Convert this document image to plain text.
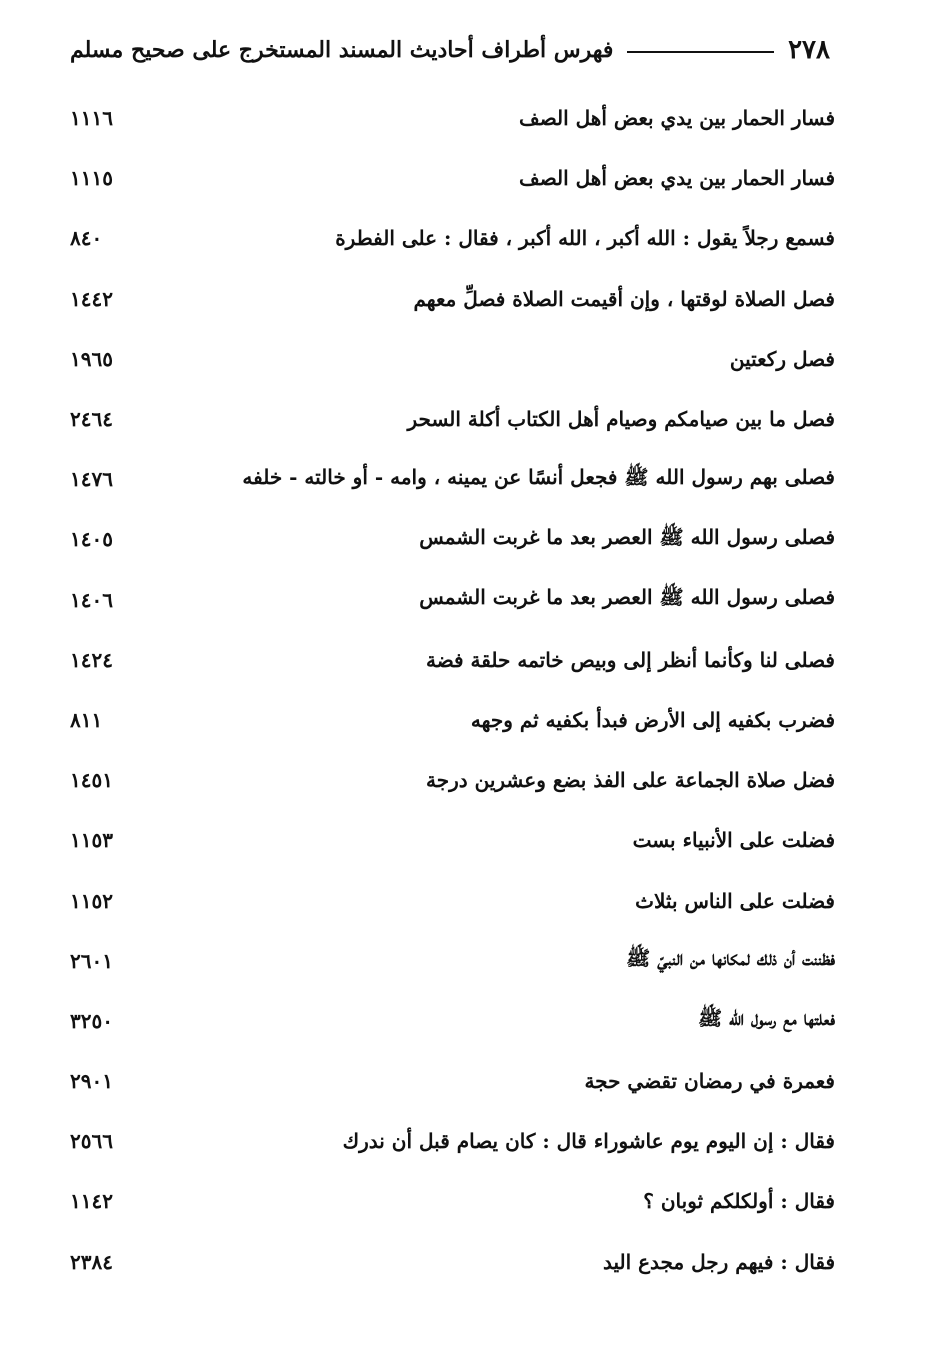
٢٧٨
فهرس أطراف أحاديث المسند المستخرج على صحيح مسلم
فسار الحمار بين يدي بعض أهل الصف
١١١٦
فسار الحمار بين يدي بعض أهل الصف
١١١٥
فسمع رجلاً يقول : الله أكبر ، الله أكبر ، فقال : على الفطرة
٨٤٠
فصل الصلاة لوقتها ، وإن أقيمت الصلاة فصلِّ معهم
١٤٤٢
فصل ركعتين
١٩٦٥
فصل ما بين صيامكم وصيام أهل الكتاب أكلة السحر
٢٤٦٤
فصلى بهم رسول الله ﷺ فجعل أنسًا عن يمينه ، وامه - أو خالته - خلفه
١٤٧٦
فصلى رسول الله ﷺ العصر بعد ما غربت الشمس
١٤٠٥
فصلى رسول الله ﷺ العصر بعد ما غربت الشمس
١٤٠٦
فصلى لنا وكأنما أنظر إلى وبيص خاتمه حلقة فضة
١٤٢٤
فضرب بكفيه إلى الأرض فبدأ بكفيه ثم وجهه
٨١١
فضل صلاة الجماعة على الفذ بضع وعشرين درجة
١٤٥١
فضلت على الأنبياء بست
١١٥٣
فضلت على الناس بثلاث
١١٥٢
فظننت أن ذلك لمكانها من النبيّ ﷺ
٢٦٠١
فعلتها مع رسول الله ﷺ
٣٢٥٠
فعمرة في رمضان تقضي حجة
٢٩٠١
فقال : إن اليوم يوم عاشوراء قال : كان يصام قبل أن ندرك
٢٥٦٦
فقال : أولكلكم ثوبان ؟
١١٤٢
فقال : فيهم رجل مجدع اليد
٢٣٨٤
